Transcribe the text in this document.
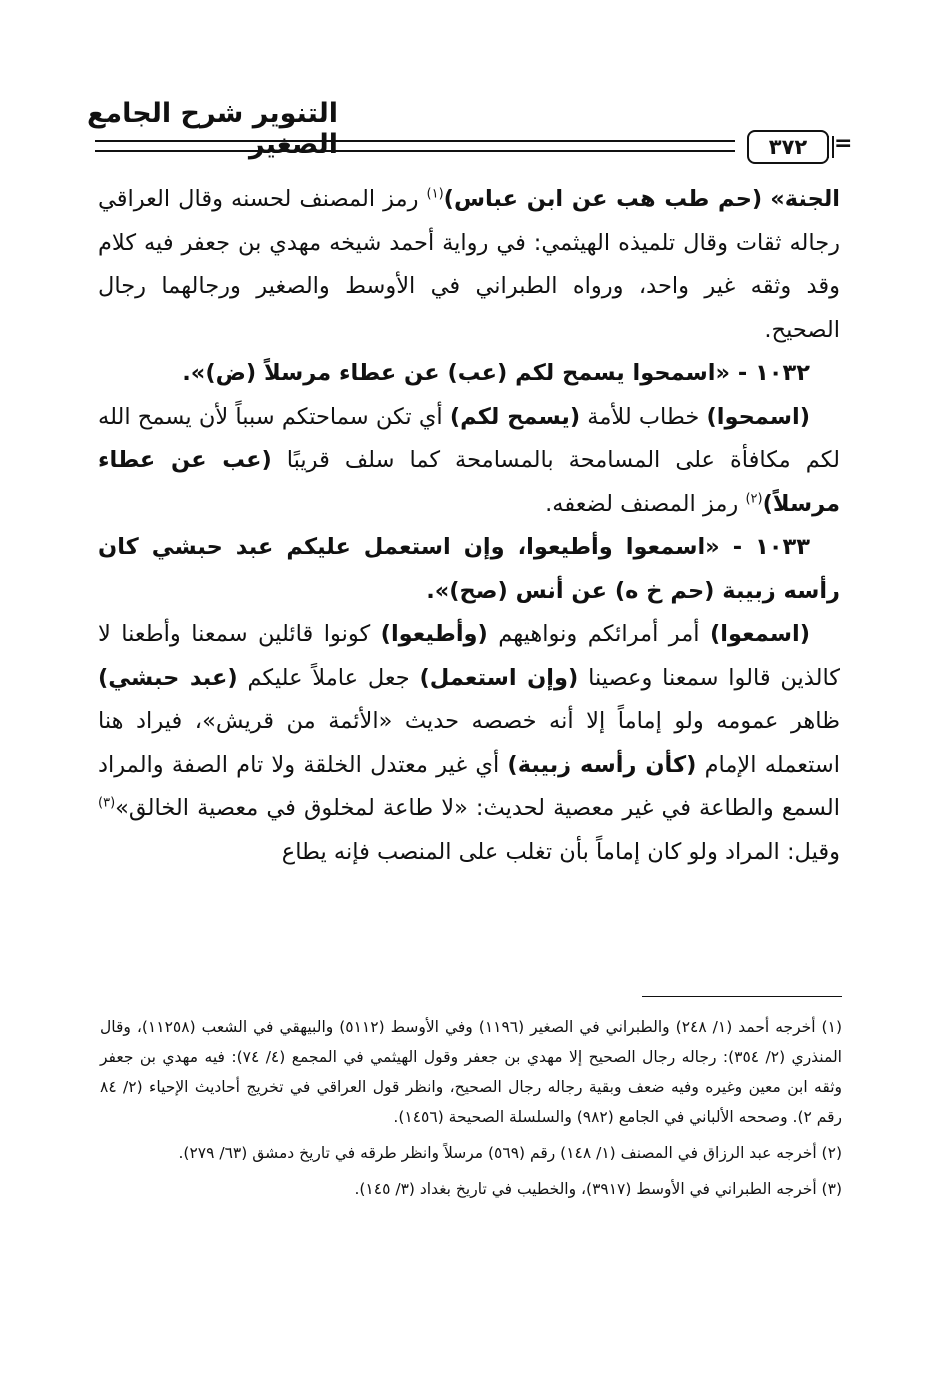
التنوير شرح الجامع الصغير	٣٧٢	=

الجنة» (حم طب هب عن ابن عباس)$^{(١)}$ رمز المصنف لحسنه وقال العراقي رجاله ثقات وقال تلميذه الهيثمي: في رواية أحمد شيخه مهدي بن جعفر فيه كلام وقد وثقه غير واحد، ورواه الطبراني في الأوسط والصغير ورجالهما رجال الصحيح.

١٠٣٢ - «اسمحوا يسمح لكم (عب) عن عطاء مرسلاً (ض)».

(اسمحوا) خطاب للأمة (يسمح لكم) أي تكن سماحتكم سبباً لأن يسمح الله لكم مكافأة على المسامحة بالمسامحة كما سلف قريبًا (عب عن عطاء مرسلاً)$^{(٢)}$ رمز المصنف لضعفه.

١٠٣٣ - «اسمعوا وأطيعوا، وإن استعمل عليكم عبد حبشي كان رأسه زبيبة (حم خ ه) عن أنس (صح)».

(اسمعوا) أمر أمرائكم ونواهيهم (وأطيعوا) كونوا قائلين سمعنا وأطعنا لا كالذين قالوا سمعنا وعصينا (وإن استعمل) جعل عاملاً عليكم (عبد حبشي) ظاهر عمومه ولو إماماً إلا أنه خصصه حديث «الأئمة من قريش»، فيراد هنا استعمله الإمام (كأن رأسه زبيبة) أي غير معتدل الخلقة ولا تام الصفة والمراد السمع والطاعة في غير معصية لحديث: «لا طاعة لمخلوق في معصية الخالق»$^{(٣)}$ وقيل: المراد ولو كان إماماً بأن تغلب على المنصب فإنه يطاع

(١) أخرجه أحمد (١/ ٢٤٨) والطبراني في الصغير (١١٩٦) وفي الأوسط (٥١١٢) والبيهقي في الشعب (١١٢٥٨)، وقال المنذري (٢/ ٣٥٤): رجاله رجال الصحيح إلا مهدي بن جعفر وقول الهيثمي في المجمع (٤/ ٧٤): فيه مهدي بن جعفر وثقه ابن معين وغيره وفيه ضعف وبقية رجاله رجال الصحيح، وانظر قول العراقي في تخريج أحاديث الإحياء (٢/ ٨٤ رقم ٢). وصححه الألباني في الجامع (٩٨٢) والسلسلة الصحيحة (١٤٥٦).

(٢) أخرجه عبد الرزاق في المصنف (١/ ١٤٨) رقم (٥٦٩) مرسلاً وانظر طرقه في تاريخ دمشق (٦٣/ ٢٧٩).

(٣) أخرجه الطبراني في الأوسط (٣٩١٧)، والخطيب في تاريخ بغداد (٣/ ١٤٥).
